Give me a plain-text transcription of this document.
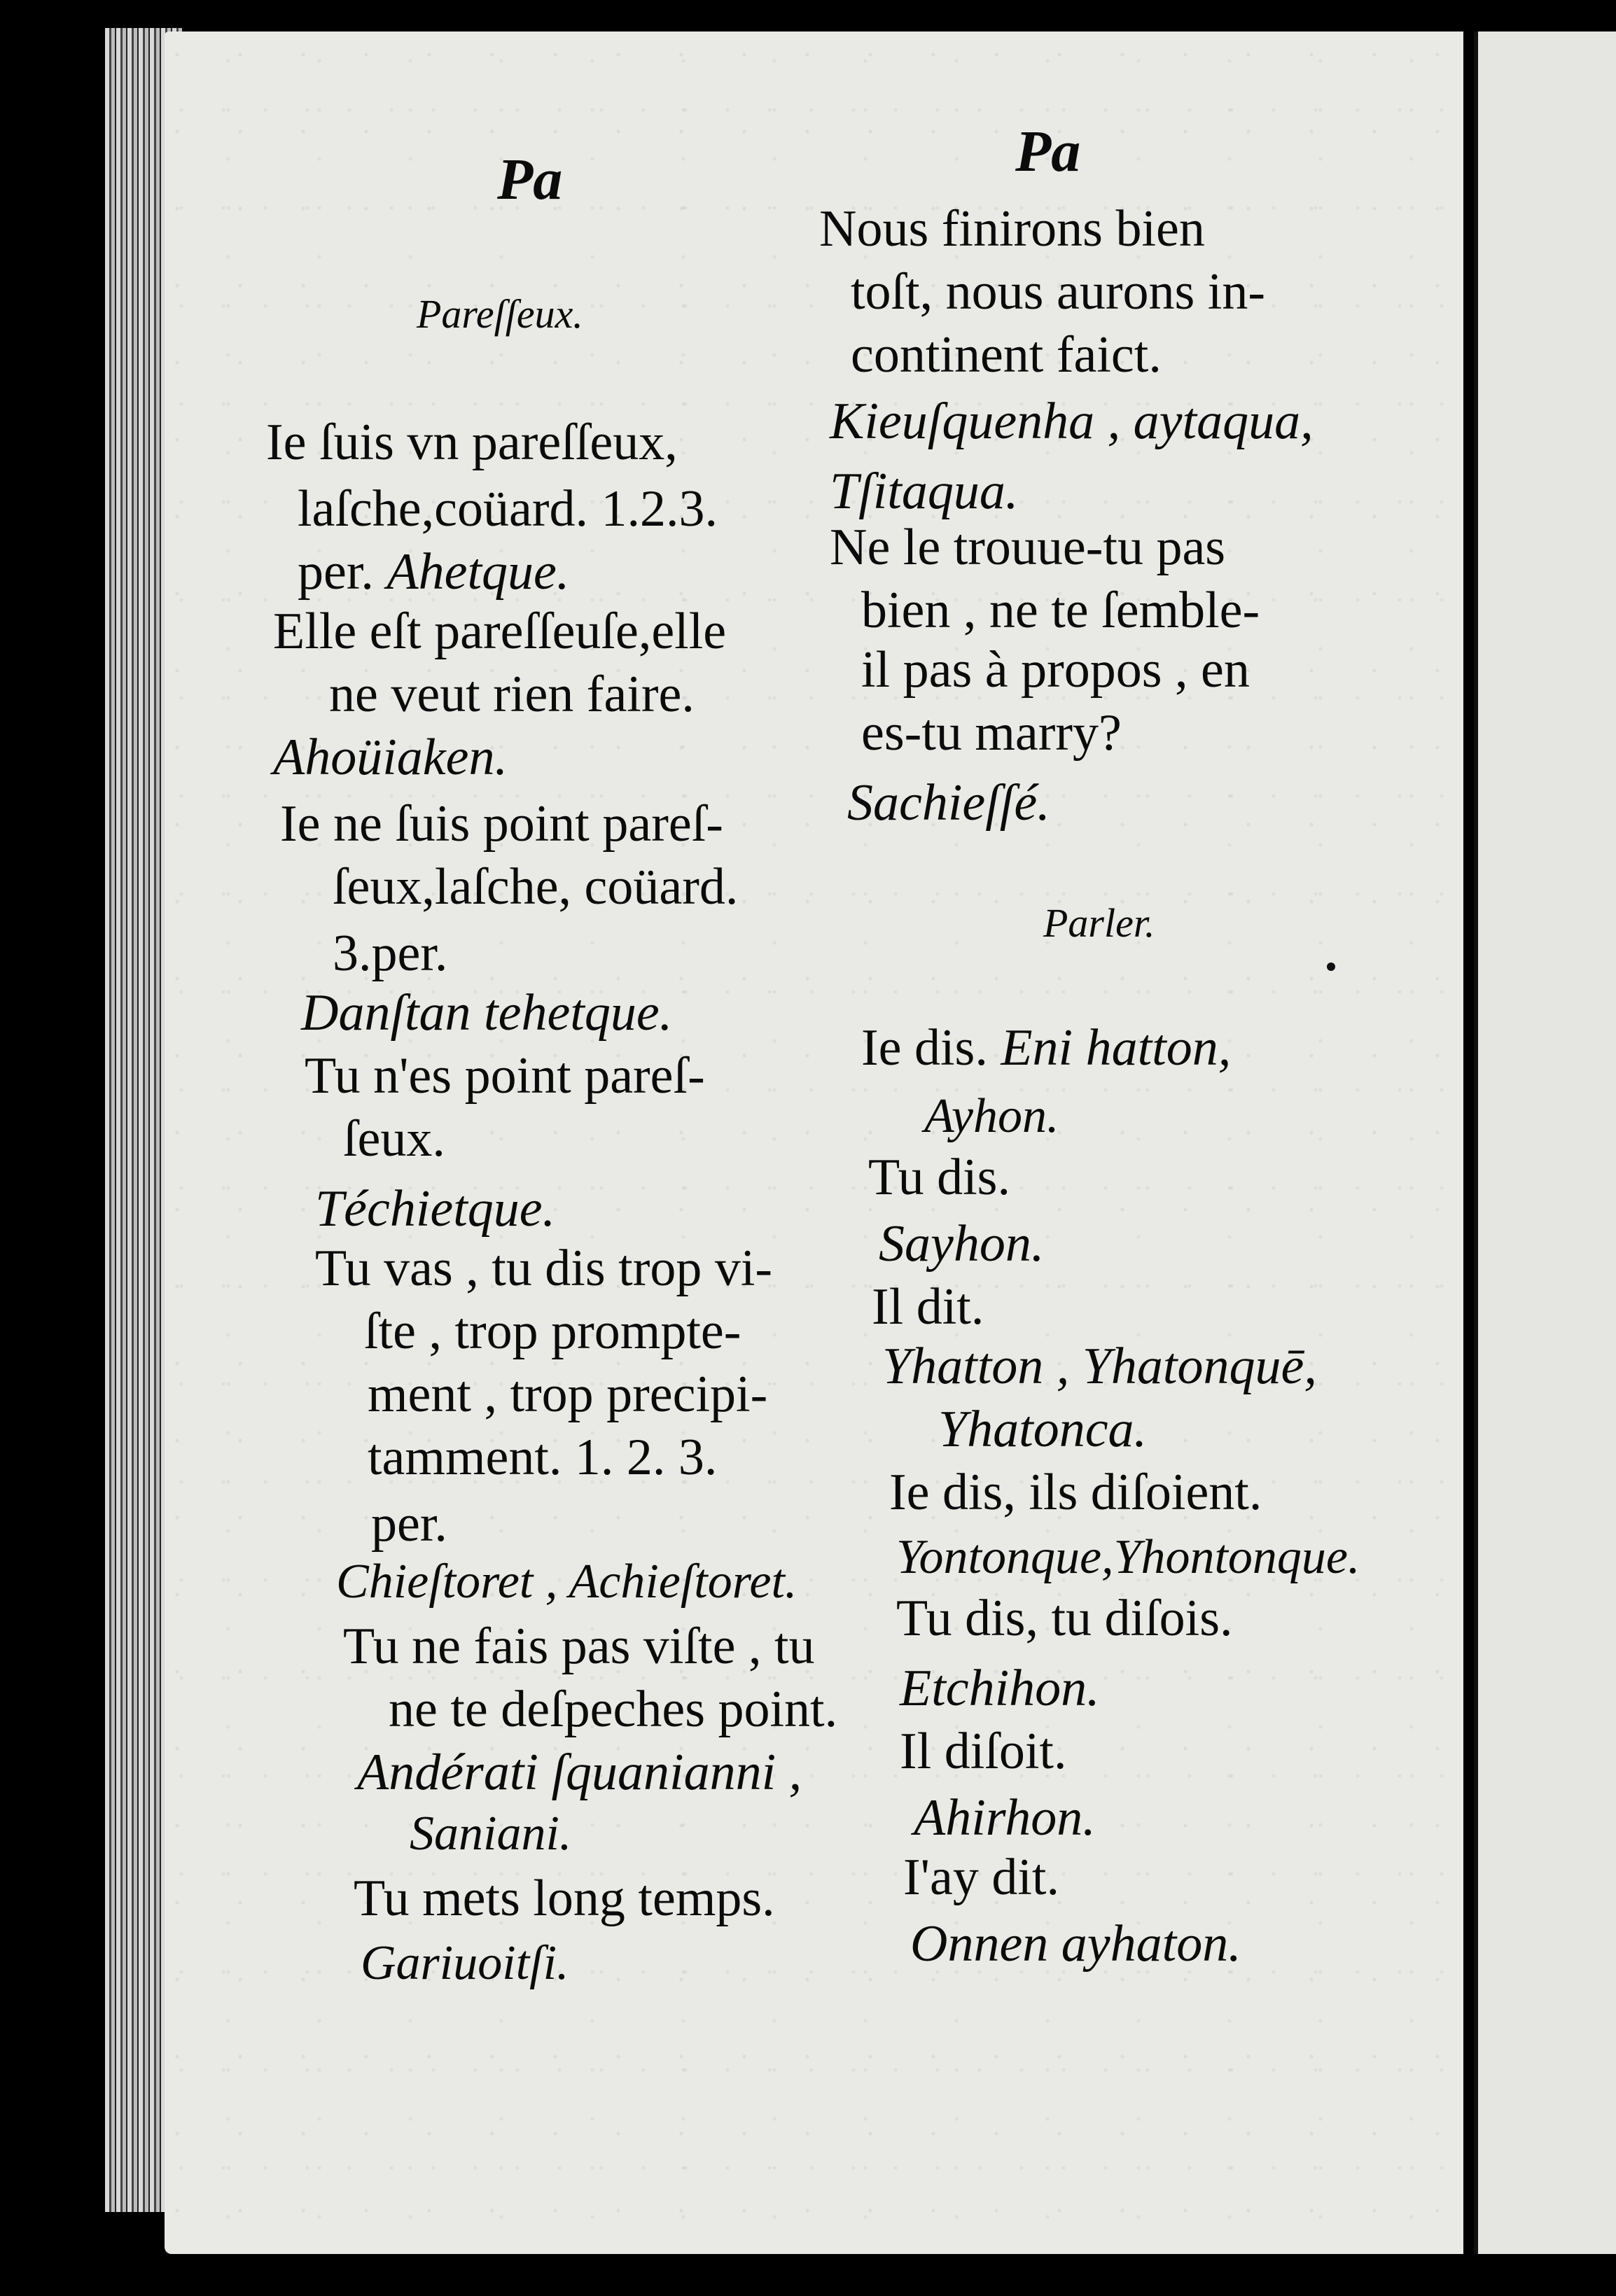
Pa
Pareſſeux.
Ie ſuis vn pareſſeux,
laſche,coüard. 1.2.3.
per. Ahetque.
Elle eſt pareſſeuſe,elle
ne veut rien faire.
Ahoüiaken.
Ie ne ſuis point pareſ-
ſeux,laſche, coüard.
3.per.
Danſtan tehetque.
Tu n'es point pareſ-
ſeux.
Téchietque.
Tu vas , tu dis trop vi-
ſte , trop prompte-
ment , trop precipi-
tamment. 1. 2. 3.
per.
Chieſtoret , Achieſtoret.
Tu ne fais pas viſte , tu
ne te deſpeches point.
Andérati ſquanianni ,
Saniani.
Tu mets long temps.
Gariuoitſi.
Pa
Nous finirons bien
toſt, nous aurons in-
continent faict.
Kieuſquenha , aytaqua,
Tſitaqua.
Ne le trouue-tu pas
bien , ne te ſemble-
il pas à propos , en
es-tu marry?
Sachieſſé.
Parler.
Ie dis. Eni hatton,
Ayhon.
Tu dis.
Sayhon.
Il dit.
Yhatton , Yhatonquē,
Yhatonca.
Ie dis, ils diſoient.
Yontonque,Yhontonque.
Tu dis, tu diſois.
Etchihon.
Il diſoit.
Ahirhon.
I'ay dit.
Onnen ayhaton.
